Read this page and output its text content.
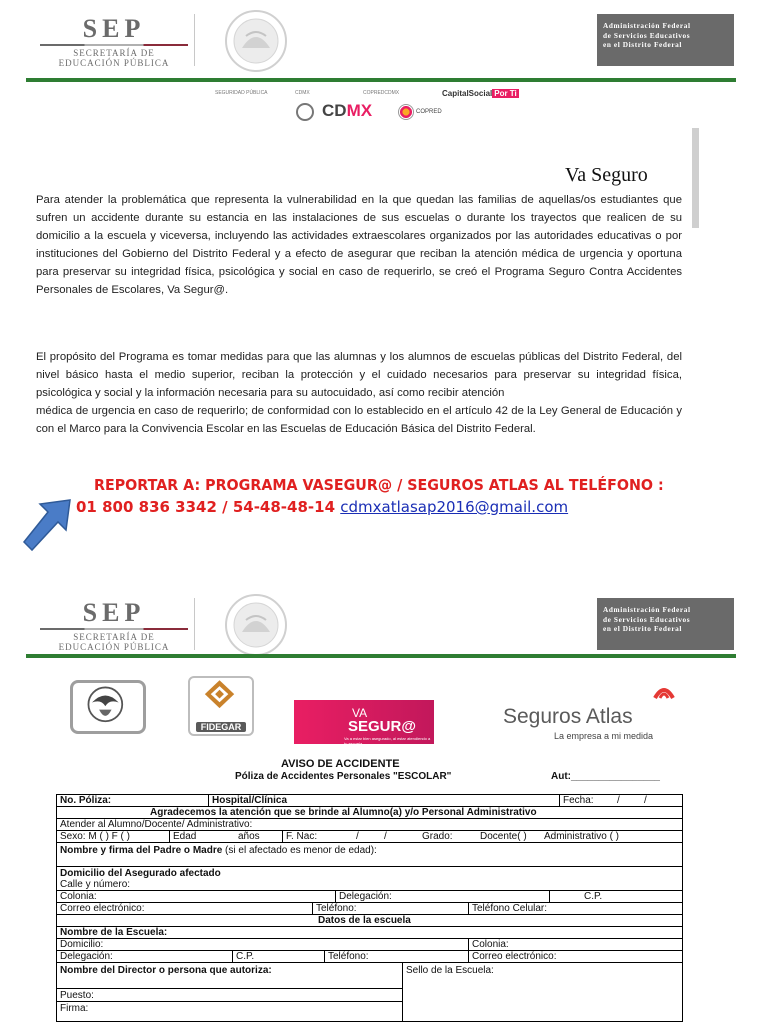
SEP
SECRETARÍA DE
EDUCACIÓN PÚBLICA
Administración Federal
de Servicios Educativos
en el Distrito Federal
SEGURIDAD PÚBLICA	CDMX	COPREDCDMX	CapitalSocial Por Ti
CDMX	COPRED
Va Seguro

Para atender la problemática que representa la vulnerabilidad en la que quedan las familias de aquellas/os estudiantes que sufren un accidente durante su estancia en las instalaciones de sus escuelas o durante los trayectos que realicen de su domicilio a la escuela y viceversa, incluyendo las actividades extraescolares organizados por las autoridades educativas o por instituciones del Gobierno del Distrito Federal y a efecto de asegurar que reciban la atención médica de urgencia y oportuna para preservar su integridad física, psicológica y social en caso de requerirlo, se creó el Programa Seguro Contra Accidentes Personales de Escolares, Va Segur@.

El propósito del Programa es tomar medidas para que las alumnas y los alumnos de escuelas públicas del Distrito Federal, del nivel básico hasta el medio superior, reciban la protección y el cuidado necesarios para preservar su integridad física, psicológica y social y la información necesaria para su autocuidado, así como recibir atención

médica de urgencia en caso de requerirlo; de conformidad con lo establecido en el artículo 42 de la Ley General de Educación y con el Marco para la Convivencia Escolar en las Escuelas de Educación Básica del Distrito Federal.

REPORTAR A: PROGRAMA VASEGUR@ / SEGUROS ATLAS AL TELÉFONO :
01 800 836 3342 / 54-48-48-14 cdmxatlasap2016@gmail.com
SEP
SECRETARÍA DE
EDUCACIÓN PÚBLICA
Administración Federal
de Servicios Educativos
en el Distrito Federal
FIDEGAR
VA
SEGUR@
Va a estar bien asegurado, al estar atendiendo a tu escuela
Seguros Atlas
La empresa a mi medida
AVISO DE ACCIDENTE
Póliza de Accidentes Personales "ESCOLAR"	Aut:________________
No. Póliza:	Hospital/Clínica	Fecha:	/	/
Agradecemos la atención que se brinde al Alumno(a) y/o Personal Administrativo
Atender al Alumno/Docente/ Administrativo:
Sexo: M ( ) F ( )	Edad	años	F. Nac:	/	/	Grado:	Docente( )	Administrativo ( )
Nombre y firma del Padre o Madre (si el afectado es menor de edad):
Domicilio del Asegurado afectado
Calle y número:
Colonia:	Delegación:	C.P.
Correo electrónico:	Teléfono:	Teléfono Celular:
Datos de la escuela
Nombre de la Escuela:
Domicilio:	Colonia:
Delegación:	C.P.	Teléfono:	Correo electrónico:
Nombre del Director o persona que autoriza:	Sello de la Escuela:
Puesto:
Firma:
